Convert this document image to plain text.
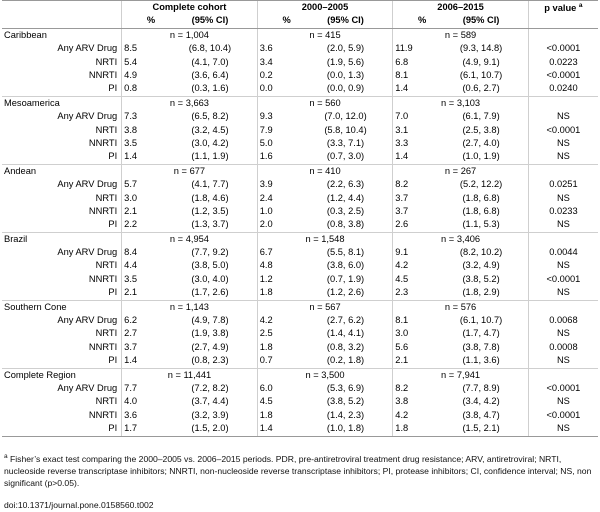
	Complete cohort		2000–2005		2006–2015		p value $^a$
	%	(95% CI)	%	(95% CI)	%	(95% CI)	
Caribbean	n = 1,004		n = 415		n = 589		
Any ARV Drug	8.5	(6.8, 10.4)	3.6	(2.0, 5.9)	11.9	(9.3, 14.8)	<0.0001
NRTI	5.4	(4.1, 7.0)	3.4	(1.9, 5.6)	6.8	(4.9, 9.1)	0.0223
NNRTI	4.9	(3.6, 6.4)	0.2	(0.0, 1.3)	8.1	(6.1, 10.7)	<0.0001
PI	0.8	(0.3, 1.6)	0.0	(0.0, 0.9)	1.4	(0.6, 2.7)	0.0240
Mesoamerica	n = 3,663		n = 560		n = 3,103		
Any ARV Drug	7.3	(6.5, 8.2)	9.3	(7.0, 12.0)	7.0	(6.1, 7.9)	NS
NRTI	3.8	(3.2, 4.5)	7.9	(5.8, 10.4)	3.1	(2.5, 3.8)	<0.0001
NNRTI	3.5	(3.0, 4.2)	5.0	(3.3, 7.1)	3.3	(2.7, 4.0)	NS
PI	1.4	(1.1, 1.9)	1.6	(0.7, 3.0)	1.4	(1.0, 1.9)	NS
Andean	n = 677		n = 410		n = 267		
Any ARV Drug	5.7	(4.1, 7.7)	3.9	(2.2, 6.3)	8.2	(5.2, 12.2)	0.0251
NRTI	3.0	(1.8, 4.6)	2.4	(1.2, 4.4)	3.7	(1.8, 6.8)	NS
NNRTI	2.1	(1.2, 3.5)	1.0	(0.3, 2.5)	3.7	(1.8, 6.8)	0.0233
PI	2.2	(1.3, 3.7)	2.0	(0.8, 3.8)	2.6	(1.1, 5.3)	NS
Brazil	n = 4,954		n = 1,548		n = 3,406		
Any ARV Drug	8.4	(7.7, 9.2)	6.7	(5.5, 8.1)	9.1	(8.2, 10.2)	0.0044
NRTI	4.4	(3.8, 5.0)	4.8	(3.8, 6.0)	4.2	(3.2, 4.9)	NS
NNRTI	3.5	(3.0, 4.0)	1.2	(0.7, 1.9)	4.5	(3.8, 5.2)	<0.0001
PI	2.1	(1.7, 2.6)	1.8	(1.2, 2.6)	2.3	(1.8, 2.9)	NS
Southern Cone	n = 1,143		n = 567		n = 576		
Any ARV Drug	6.2	(4.9, 7.8)	4.2	(2.7, 6.2)	8.1	(6.1, 10.7)	0.0068
NRTI	2.7	(1.9, 3.8)	2.5	(1.4, 4.1)	3.0	(1.7, 4.7)	NS
NNRTI	3.7	(2.7, 4.9)	1.8	(0.8, 3.2)	5.6	(3.8, 7.8)	0.0008
PI	1.4	(0.8, 2.3)	0.7	(0.2, 1.8)	2.1	(1.1, 3.6)	NS
Complete Region	n = 11,441		n = 3,500		n = 7,941		
Any ARV Drug	7.7	(7.2, 8.2)	6.0	(5.3, 6.9)	8.2	(7.7, 8.9)	<0.0001
NRTI	4.0	(3.7, 4.4)	4.5	(3.8, 5.2)	3.8	(3.4, 4.2)	NS
NNRTI	3.6	(3.2, 3.9)	1.8	(1.4, 2.3)	4.2	(3.8, 4.7)	<0.0001
PI	1.7	(1.5, 2.0)	1.4	(1.0, 1.8)	1.8	(1.5, 2.1)	NS
$^a$ Fisher’s exact test comparing the 2000–2005 vs. 2006–2015 periods. PDR, pre-antiretroviral treatment drug resistance; ARV, antiretroviral; NRTI, nucleoside reverse transcriptase inhibitors; NNRTI, non-nucleoside reverse transcriptase inhibitors; PI, protease inhibitors; CI, confidence interval; NS, non significant (p>0.05).
doi:10.1371/journal.pone.0158560.t002
